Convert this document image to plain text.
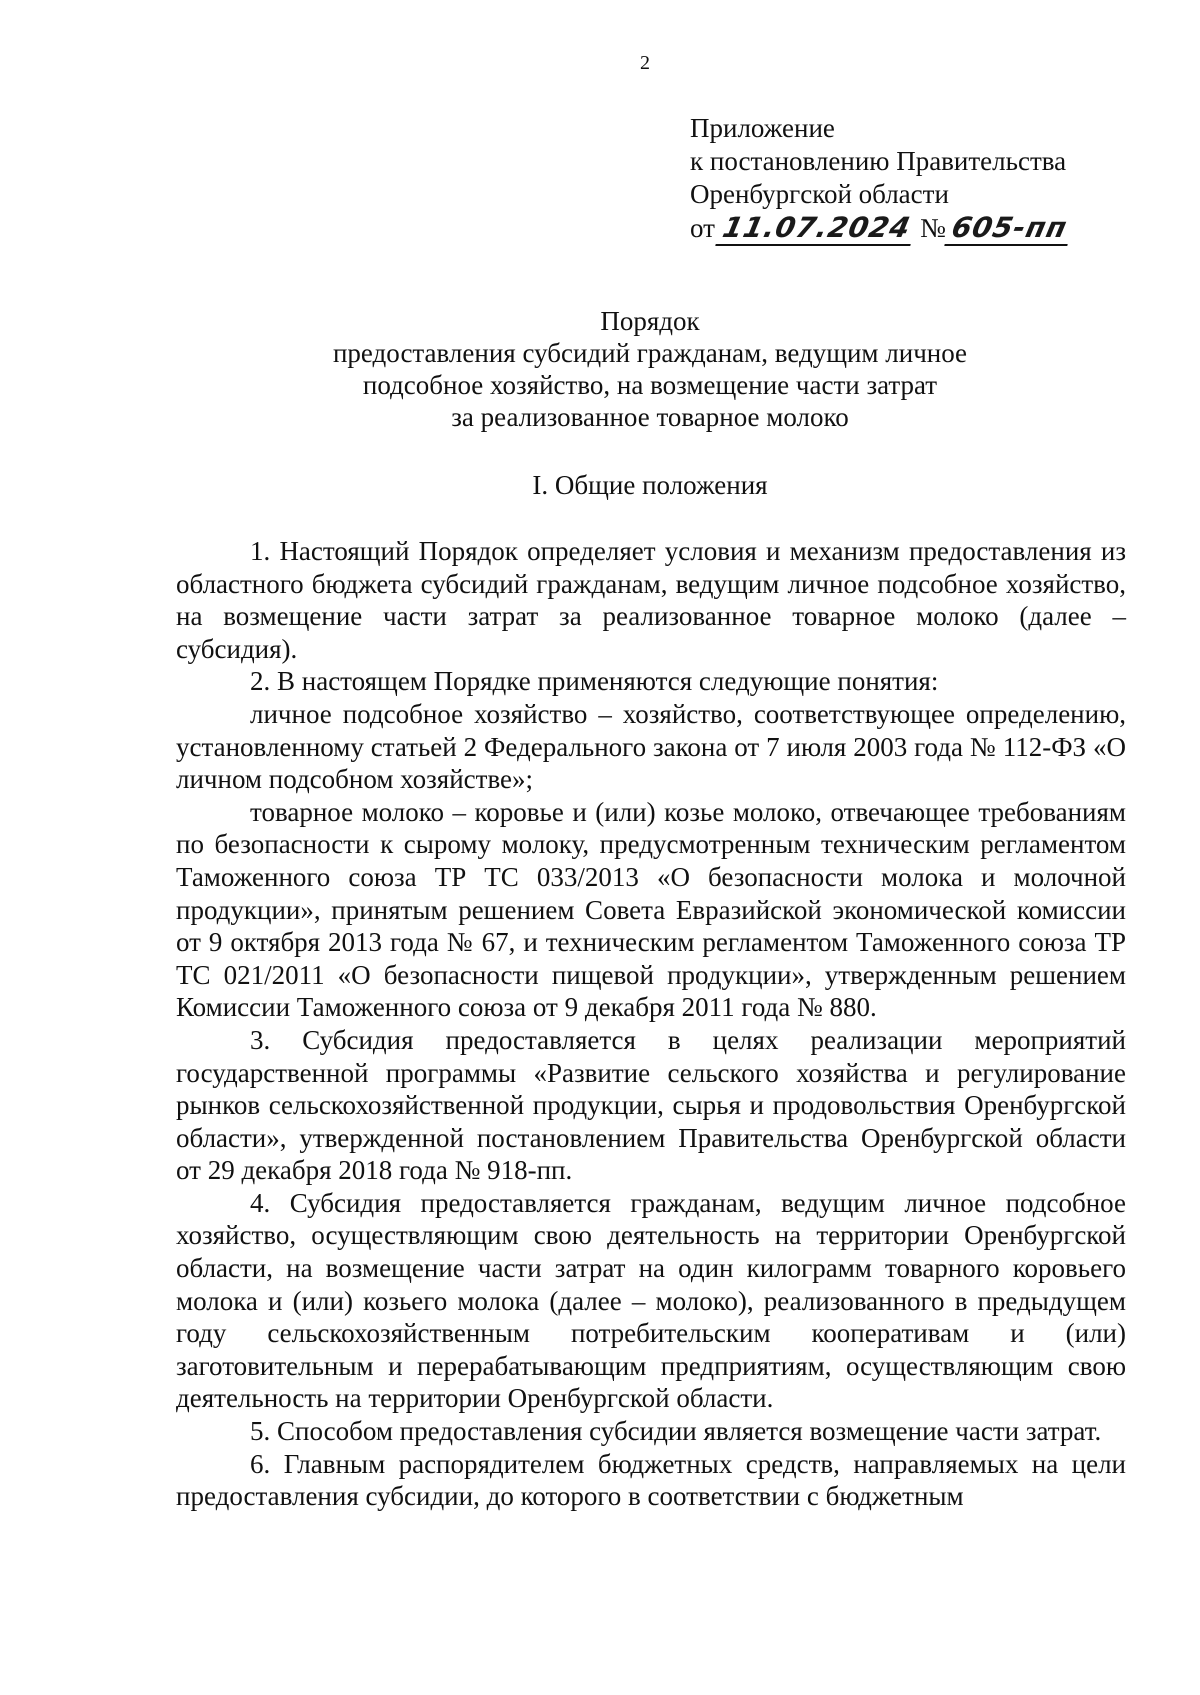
2
Приложение
к постановлению Правительства
Оренбургской области
от 11.07.2024 №605-пп
Порядок
предоставления субсидий гражданам, ведущим личное
подсобное хозяйство, на возмещение части затрат
за реализованное товарное молоко
I. Общие положения

1. Настоящий Порядок определяет условия и механизм предоставления из областного бюджета субсидий гражданам, ведущим личное подсобное хозяйство, на возмещение части затрат за реализованное товарное молоко (далее – субсидия).

2. В настоящем Порядке применяются следующие понятия:

личное подсобное хозяйство – хозяйство, соответствующее определению, установленному статьей 2 Федерального закона от 7 июля 2003 года № 112-ФЗ «О личном подсобном хозяйстве»;

товарное молоко – коровье и (или) козье молоко, отвечающее требованиям по безопасности к сырому молоку, предусмотренным техническим регламентом Таможенного союза ТР ТС 033/2013 «О безопасности молока и молочной продукции», принятым решением Совета Евразийской экономической комиссии от 9 октября 2013 года № 67, и техническим регламентом Таможенного союза ТР ТС 021/2011 «О безопасности пищевой продукции», утвержденным решением Комиссии Таможенного союза от 9 декабря 2011 года № 880.

3. Субсидия предоставляется в целях реализации мероприятий государственной программы «Развитие сельского хозяйства и регулирование рынков сельскохозяйственной продукции, сырья и продовольствия Оренбургской области», утвержденной постановлением Правительства Оренбургской области от 29 декабря 2018 года № 918-пп.

4. Субсидия предоставляется гражданам, ведущим личное подсобное хозяйство, осуществляющим свою деятельность на территории Оренбургской области, на возмещение части затрат на один килограмм товарного коровьего молока и (или) козьего молока (далее – молоко), реализованного в предыдущем году сельскохозяйственным потребительским кооперативам и (или) заготовительным и перерабатывающим предприятиям, осуществляющим свою деятельность на территории Оренбургской области.

5. Способом предоставления субсидии является возмещение части затрат.

6. Главным распорядителем бюджетных средств, направляемых на цели предоставления субсидии, до которого в соответствии с бюджетным
